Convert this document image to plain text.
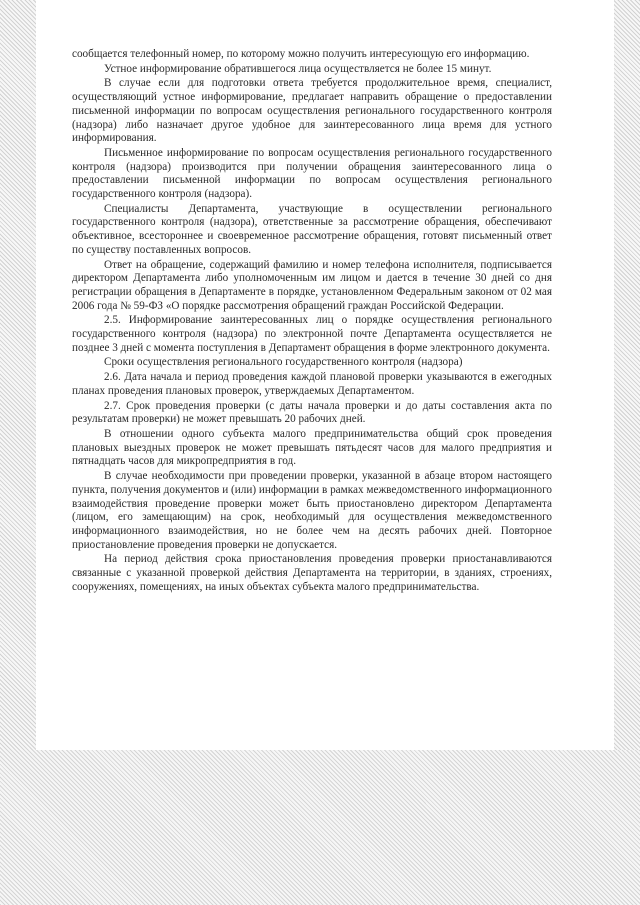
сообщается телефонный номер, по которому можно получить интересующую его информацию.

Устное информирование обратившегося лица осуществляется не более 15 минут.

В случае если для подготовки ответа требуется продолжительное время, специалист, осуществляющий устное информирование, предлагает направить обращение о предоставлении письменной информации по вопросам осуществления регионального государственного контроля (надзора) либо назначает другое удобное для заинтересованного лица время для устного информирования.

Письменное информирование по вопросам осуществления регионального государственного контроля (надзора) производится при получении обращения заинтересованного лица о предоставлении письменной информации по вопросам осуществления регионального государственного контроля (надзора).

Специалисты Департамента, участвующие в осуществлении регионального государственного контроля (надзора), ответственные за рассмотрение обращения, обеспечивают объективное, всестороннее и своевременное рассмотрение обращения, готовят письменный ответ по существу поставленных вопросов.

Ответ на обращение, содержащий фамилию и номер телефона исполнителя, подписывается директором Департамента либо уполномоченным им лицом и дается в течение 30 дней со дня регистрации обращения в Департаменте в порядке, установленном Федеральным законом от 02 мая 2006 года № 59-ФЗ «О порядке рассмотрения обращений граждан Российской Федерации.

2.5. Информирование заинтересованных лиц о порядке осуществления регионального государственного контроля (надзора) по электронной почте Департамента осуществляется не позднее 3 дней с момента поступления в Департамент обращения в форме электронного документа.

Сроки осуществления регионального государственного контроля (надзора)

2.6. Дата начала и период проведения каждой плановой проверки указываются в ежегодных планах проведения плановых проверок, утверждаемых Департаментом.

2.7. Срок проведения проверки (с даты начала проверки и до даты составления акта по результатам проверки) не может превышать 20 рабочих дней.

В отношении одного субъекта малого предпринимательства общий срок проведения плановых выездных проверок не может превышать пятьдесят часов для малого предприятия и пятнадцать часов для микропредприятия в год.

В случае необходимости при проведении проверки, указанной в абзаце втором настоящего пункта, получения документов и (или) информации в рамках межведомственного информационного взаимодействия проведение проверки может быть приостановлено директором Департамента (лицом, его замещающим) на срок, необходимый для осуществления межведомственного информационного взаимодействия, но не более чем на десять рабочих дней. Повторное приостановление проведения проверки не допускается.

На период действия срока приостановления проведения проверки приостанавливаются связанные с указанной проверкой действия Департамента на территории, в зданиях, строениях, сооружениях, помещениях, на иных объектах субъекта малого предпринимательства.
